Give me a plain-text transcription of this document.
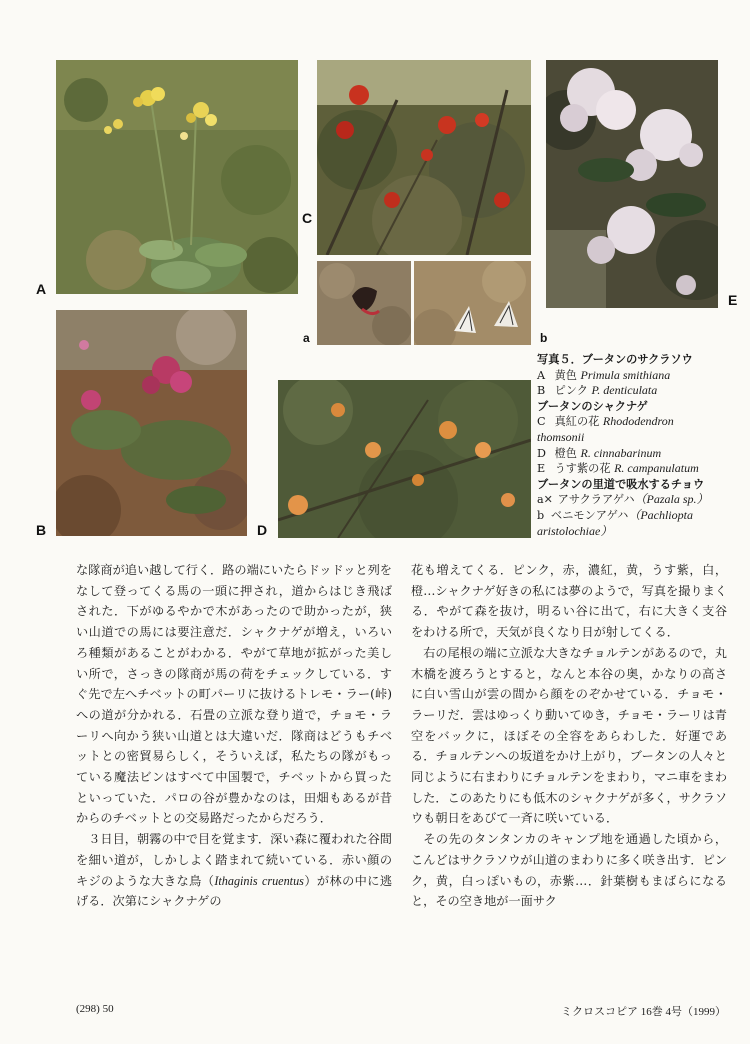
A
C
E
a	b
B	D
写真５．ブータンのサクラソウ
A 黄色 Primula smithiana
B ピンク P. denticulata
ブータンのシャクナゲ
C 真紅の花 Rhododendron
thomsonii
D 橙色 R. cinnabarinum
E うす紫の花 R. campanulatum
ブータンの里道で吸水するチョウ
a✕ アサクラアゲハ（Pazala sp.）
b ベニモンアゲハ（Pachliopta
aristolochiae）

な隊商が追い越して行く．路の端にいたらドッドッと列をなして登ってくる馬の一頭に押され，道からはじき飛ばされた．下がゆるやかで木があったので助かったが，狭い山道での馬には要注意だ．シャクナゲが増え，いろいろ種類があることがわかる．やがて草地が拡がった美しい所で，さっきの隊商が馬の荷をチェックしている．すぐ先で左へチベットの町パーリに抜けるトレモ・ラー(峠)への道が分かれる．石畳の立派な登り道で，チョモ・ラーリへ向かう狭い山道とは大違いだ．隊商はどうもチベットとの密貿易らしく，そういえば，私たちの隊がもっている魔法ビンはすべて中国製で，チベットから買ったといっていた．パロの谷が豊かなのは，田畑もあるが昔からのチベットとの交易路だったからだろう．

３日目，朝霧の中で目を覚ます．深い森に覆われた谷間を細い道が，しかしよく踏まれて続いている．赤い顔のキジのような大きな鳥（Ithaginis cruentus）が林の中に逃げる．次第にシャクナゲの

花も増えてくる．ピンク，赤，濃紅，黄，うす紫，白，橙…シャクナゲ好きの私には夢のようで，写真を撮りまくる．やがて森を抜け，明るい谷に出て，右に大きく支谷をわける所で，天気が良くなり日が射してくる．

右の尾根の端に立派な大きなチョルテンがあるので，丸木橋を渡ろうとすると，なんと本谷の奥，かなりの高さに白い雪山が雲の間から顔をのぞかせている．チョモ・ラーリだ．雲はゆっくり動いてゆき，チョモ・ラーリは青空をバックに，ほぼその全容をあらわした．好運である．チョルテンへの坂道をかけ上がり，ブータンの人々と同じように右まわりにチョルテンをまわり，マニ車をまわした．このあたりにも低木のシャクナゲが多く，サクラソウも朝日をあびて一斉に咲いている．

その先のタンタンカのキャンプ地を通過した頃から，こんどはサクラソウが山道のまわりに多く咲き出す．ピンク，黄，白っぽいもの，赤紫…．針葉樹もまばらになると，その空き地が一面サク

(298) 50	ミクロスコピア 16巻 4号（1999）
